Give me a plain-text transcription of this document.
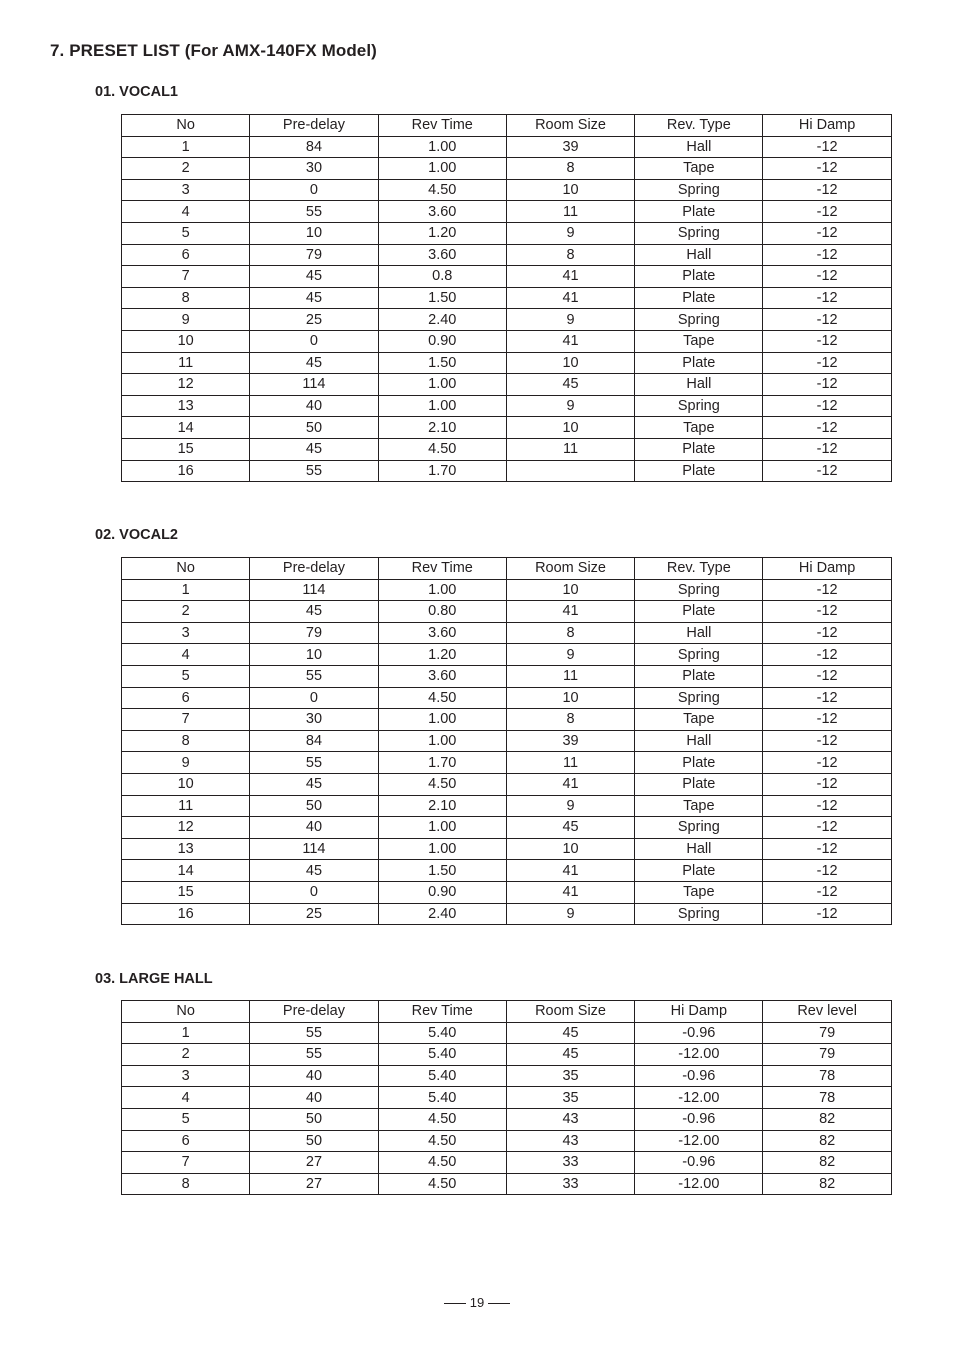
7. PRESET LIST (For AMX-140FX Model)
01. VOCAL1
No	Pre-delay	Rev Time	Room Size	Rev. Type	Hi Damp
1	84	1.00	39	Hall	-12
2	30	1.00	8	Tape	-12
3	0	4.50	10	Spring	-12
4	55	3.60	11	Plate	-12
5	10	1.20	9	Spring	-12
6	79	3.60	8	Hall	-12
7	45	0.8	41	Plate	-12
8	45	1.50	41	Plate	-12
9	25	2.40	9	Spring	-12
10	0	0.90	41	Tape	-12
11	45	1.50	10	Plate	-12
12	114	1.00	45	Hall	-12
13	40	1.00	9	Spring	-12
14	50	2.10	10	Tape	-12
15	45	4.50	11	Plate	-12
16	55	1.70		Plate	-12
02. VOCAL2
No	Pre-delay	Rev Time	Room Size	Rev. Type	Hi Damp
1	114	1.00	10	Spring	-12
2	45	0.80	41	Plate	-12
3	79	3.60	8	Hall	-12
4	10	1.20	9	Spring	-12
5	55	3.60	11	Plate	-12
6	0	4.50	10	Spring	-12
7	30	1.00	8	Tape	-12
8	84	1.00	39	Hall	-12
9	55	1.70	11	Plate	-12
10	45	4.50	41	Plate	-12
11	50	2.10	9	Tape	-12
12	40	1.00	45	Spring	-12
13	114	1.00	10	Hall	-12
14	45	1.50	41	Plate	-12
15	0	0.90	41	Tape	-12
16	25	2.40	9	Spring	-12
03. LARGE HALL
No	Pre-delay	Rev Time	Room Size	Hi Damp	Rev level
1	55	5.40	45	-0.96	79
2	55	5.40	45	-12.00	79
3	40	5.40	35	-0.96	78
4	40	5.40	35	-12.00	78
5	50	4.50	43	-0.96	82
6	50	4.50	43	-12.00	82
7	27	4.50	33	-0.96	82
8	27	4.50	33	-12.00	82
19
